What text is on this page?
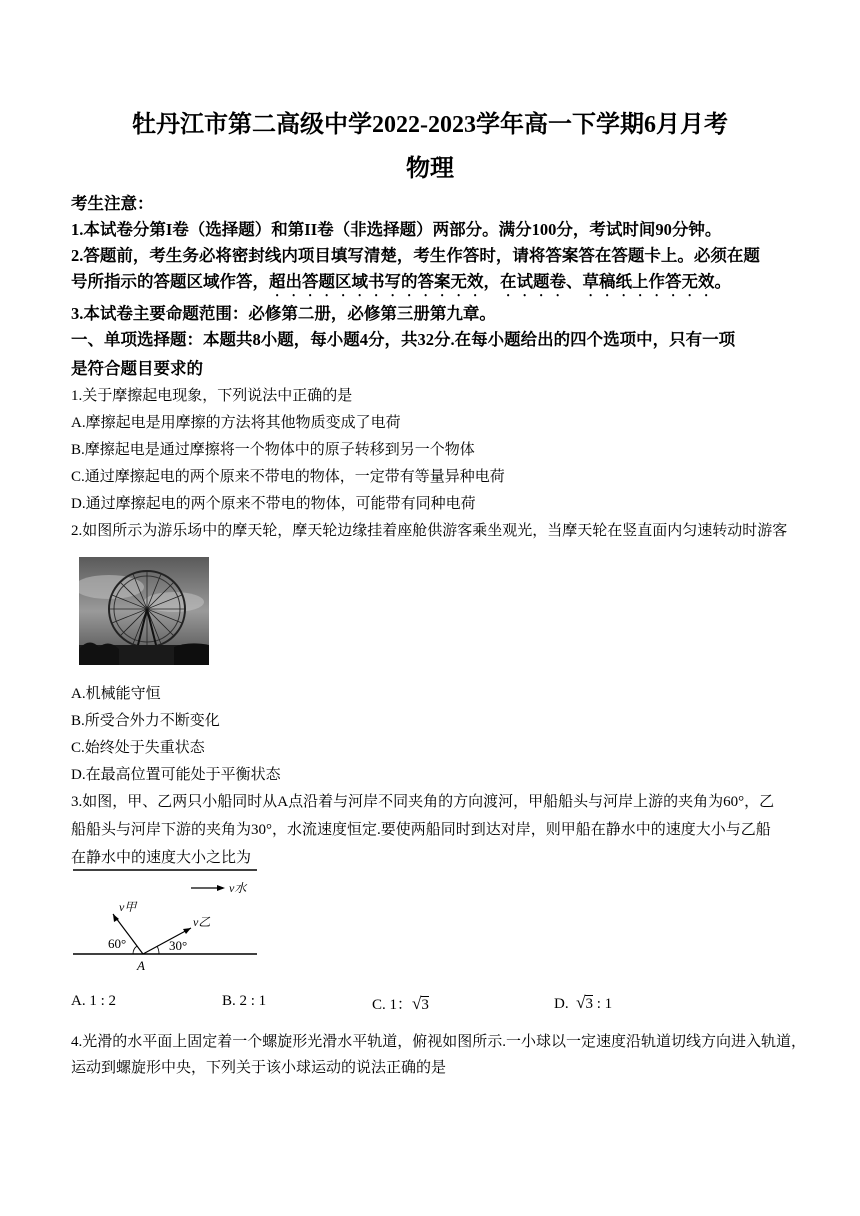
牡丹江市第二高级中学2022-2023学年高一下学期6月月考
物理
考生注意：
1.本试卷分第I卷（选择题）和第II卷（非选择题）两部分。满分100分，考试时间90分钟。
2.答题前，考生务必将密封线内项目填写清楚，考生作答时，请将答案答在答题卡上。必须在题
号所指示的答题区域作答，超出答题区域书写的答案无效，在试题卷、草稿纸上作答无效。
3.本试卷主要命题范围：必修第二册，必修第三册第九章。
一、单项选择题：本题共8小题，每小题4分，共32分.在每小题给出的四个选项中，只有一项
是符合题目要求的
1.关于摩擦起电现象，下列说法中正确的是
A.摩擦起电是用摩擦的方法将其他物质变成了电荷
B.摩擦起电是通过摩擦将一个物体中的原子转移到另一个物体
C.通过摩擦起电的两个原来不带电的物体，一定带有等量异种电荷
D.通过摩擦起电的两个原来不带电的物体，可能带有同种电荷
2.如图所示为游乐场中的摩天轮，摩天轮边缘挂着座舱供游客乘坐观光，当摩天轮在竖直面内匀速转动时游客
A.机械能守恒
B.所受合外力不断变化
C.始终处于失重状态
D.在最高位置可能处于平衡状态
3.如图，甲、乙两只小船同时从A点沿着与河岸不同夹角的方向渡河，甲船船头与河岸上游的夹角为60°，乙
船船头与河岸下游的夹角为30°，水流速度恒定.要使两船同时到达对岸，则甲船在静水中的速度大小与乙船
在静水中的速度大小之比为
v甲
v乙
v水
60°	30°
A
A. 1 : 2	B. 2 : 1	C. 1：√3	D. √3 : 1
4.光滑的水平面上固定着一个螺旋形光滑水平轨道，俯视如图所示.一小球以一定速度沿轨道切线方向进入轨道，
运动到螺旋形中央，下列关于该小球运动的说法正确的是
